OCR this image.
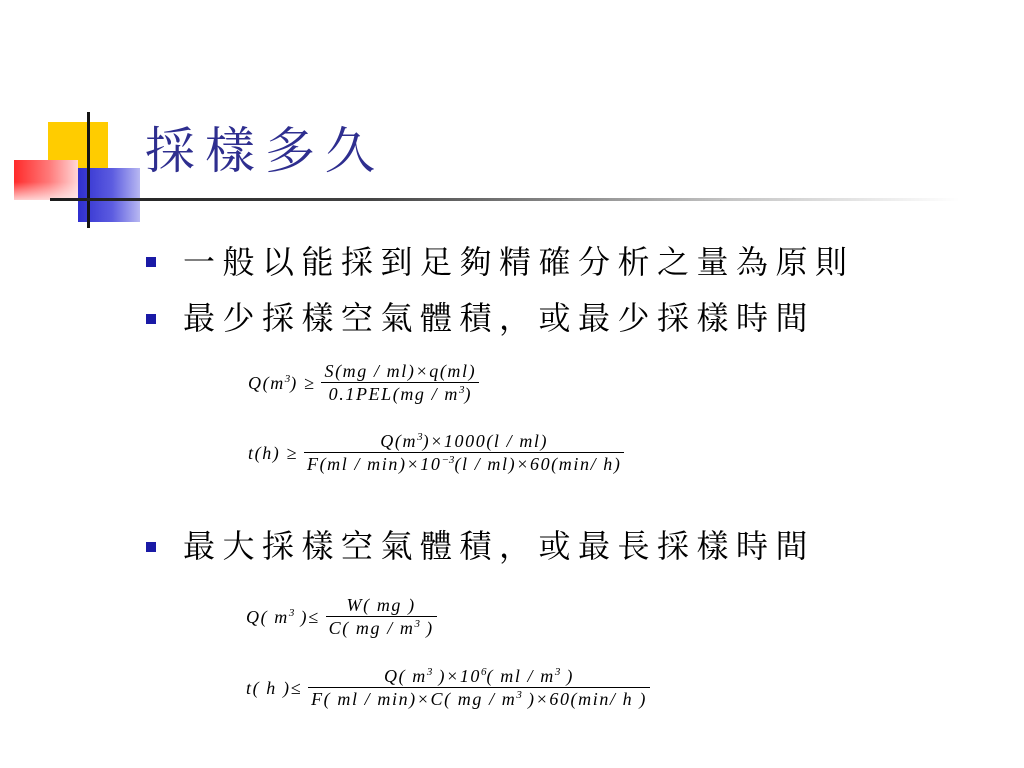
採樣多久
一般以能採到足夠精確分析之量為原則
最少採樣空氣體積，或最少採樣時間
$Q(m^3) \ge \frac{S(mg / ml)\times q(ml)}{0.1PEL(mg / m^3)}$
$t(h) \ge \frac{Q(m^3)\times 1000(l / ml)}{F(ml / \min)\times 10^{-3}(l / ml)\times 60(\min/ h)}$
最大採樣空氣體積，或最長採樣時間
Q( $m^3$ )≤ $\frac{W( mg )}{C( mg / m^3 )}$
t( h )≤ $\frac{Q( m^3 )\times 10^6( ml / m^3 )}{F( ml / \min)\times C( mg / m^3 )\times 60(\min/ h )}$
